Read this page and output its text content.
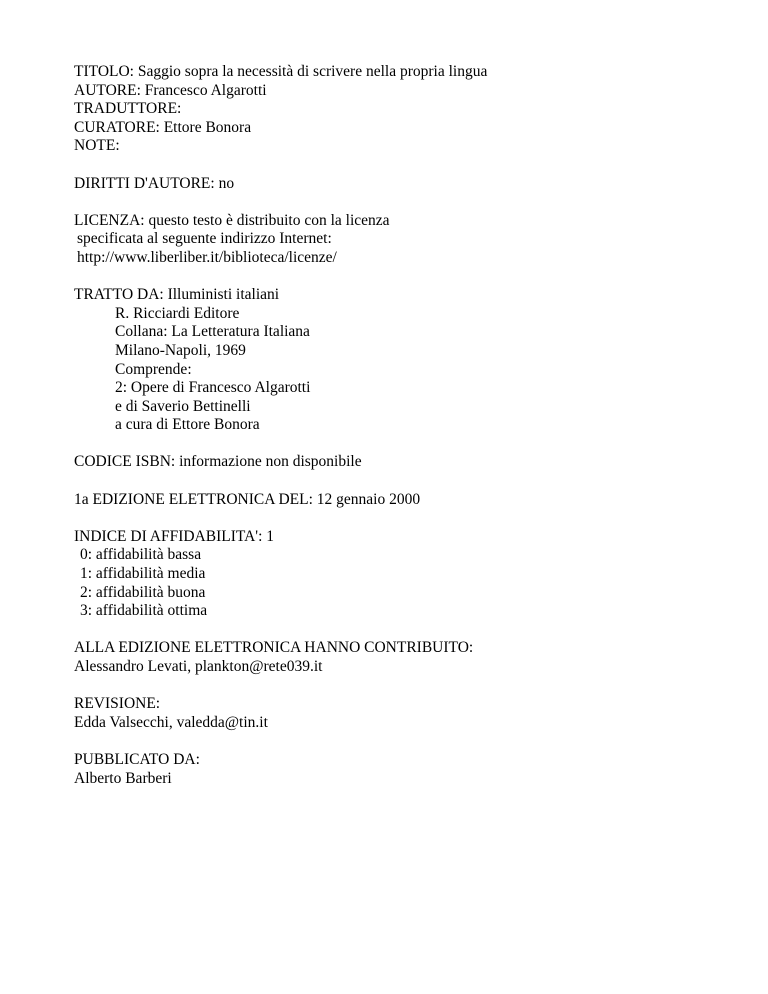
TITOLO: Saggio sopra la necessità di scrivere nella propria lingua
AUTORE: Francesco Algarotti
TRADUTTORE:
CURATORE: Ettore Bonora
NOTE:
DIRITTI D'AUTORE: no
LICENZA: questo testo è distribuito con la licenza
specificata al seguente indirizzo Internet:
http://www.liberliber.it/biblioteca/licenze/
TRATTO DA: Illuministi italiani
R. Ricciardi Editore
Collana: La Letteratura Italiana
Milano-Napoli, 1969
Comprende:
2: Opere di Francesco Algarotti
e di Saverio Bettinelli
a cura di Ettore Bonora
CODICE ISBN: informazione non disponibile
1a EDIZIONE ELETTRONICA DEL: 12 gennaio 2000
INDICE DI AFFIDABILITA': 1
0: affidabilità bassa
1: affidabilità media
2: affidabilità buona
3: affidabilità ottima
ALLA EDIZIONE ELETTRONICA HANNO CONTRIBUITO:
Alessandro Levati, plankton@rete039.it
REVISIONE:
Edda Valsecchi, valedda@tin.it
PUBBLICATO DA:
Alberto Barberi
